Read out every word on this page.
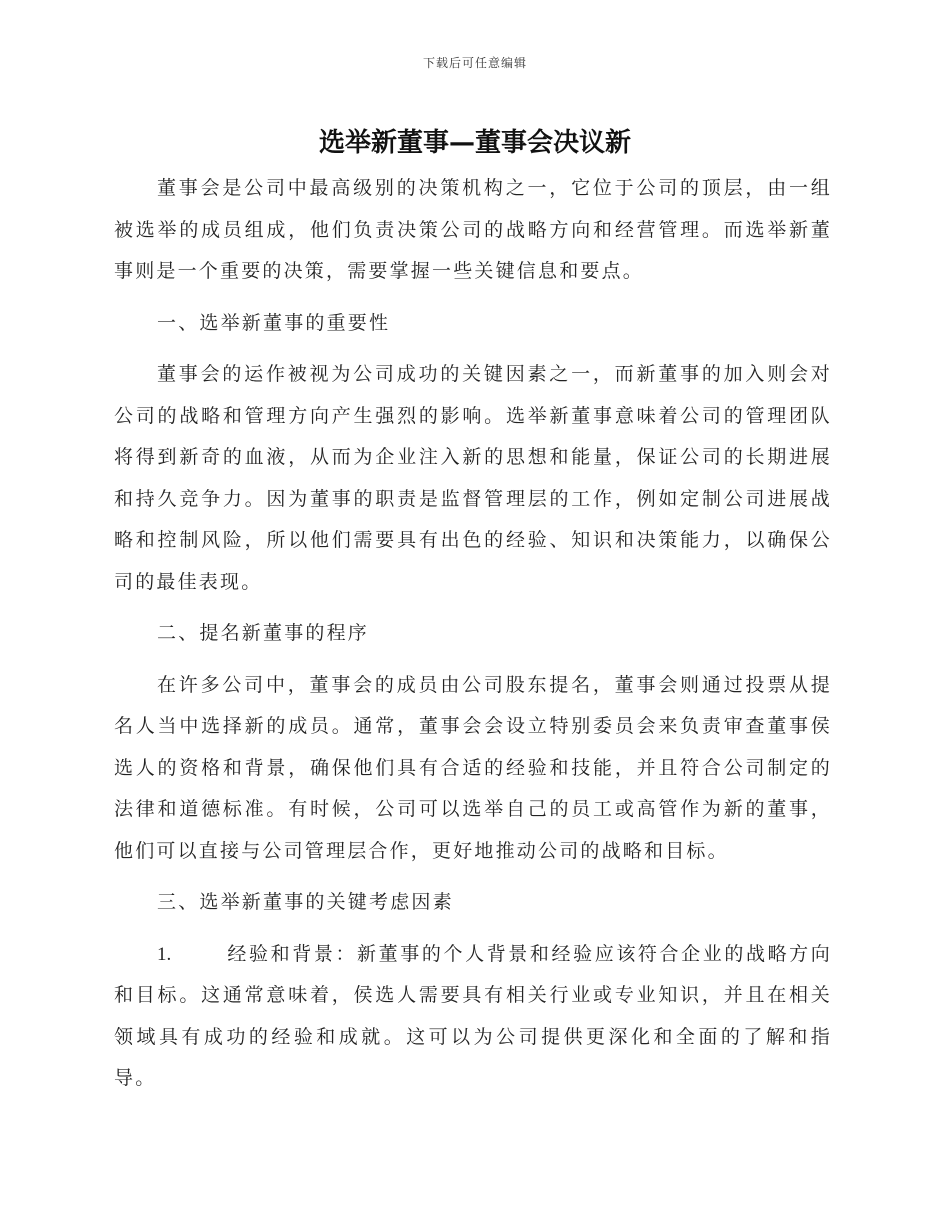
下载后可任意编辑
选举新董事—董事会决议新

董事会是公司中最高级别的决策机构之一，它位于公司的顶层，由一组被选举的成员组成，他们负责决策公司的战略方向和经营管理。而选举新董事则是一个重要的决策，需要掌握一些关键信息和要点。

一、选举新董事的重要性

董事会的运作被视为公司成功的关键因素之一，而新董事的加入则会对公司的战略和管理方向产生强烈的影响。选举新董事意味着公司的管理团队将得到新奇的血液，从而为企业注入新的思想和能量，保证公司的长期进展和持久竞争力。因为董事的职责是监督管理层的工作，例如定制公司进展战略和控制风险，所以他们需要具有出色的经验、知识和决策能力，以确保公司的最佳表现。

二、提名新董事的程序

在许多公司中，董事会的成员由公司股东提名，董事会则通过投票从提名人当中选择新的成员。通常，董事会会设立特别委员会来负责审查董事侯选人的资格和背景，确保他们具有合适的经验和技能，并且符合公司制定的法律和道德标准。有时候，公司可以选举自己的员工或高管作为新的董事，他们可以直接与公司管理层合作，更好地推动公司的战略和目标。

三、选举新董事的关键考虑因素

1.	经验和背景：新董事的个人背景和经验应该符合企业的战略方向和目标。这通常意味着，侯选人需要具有相关行业或专业知识，并且在相关领域具有成功的经验和成就。这可以为公司提供更深化和全面的了解和指导。
